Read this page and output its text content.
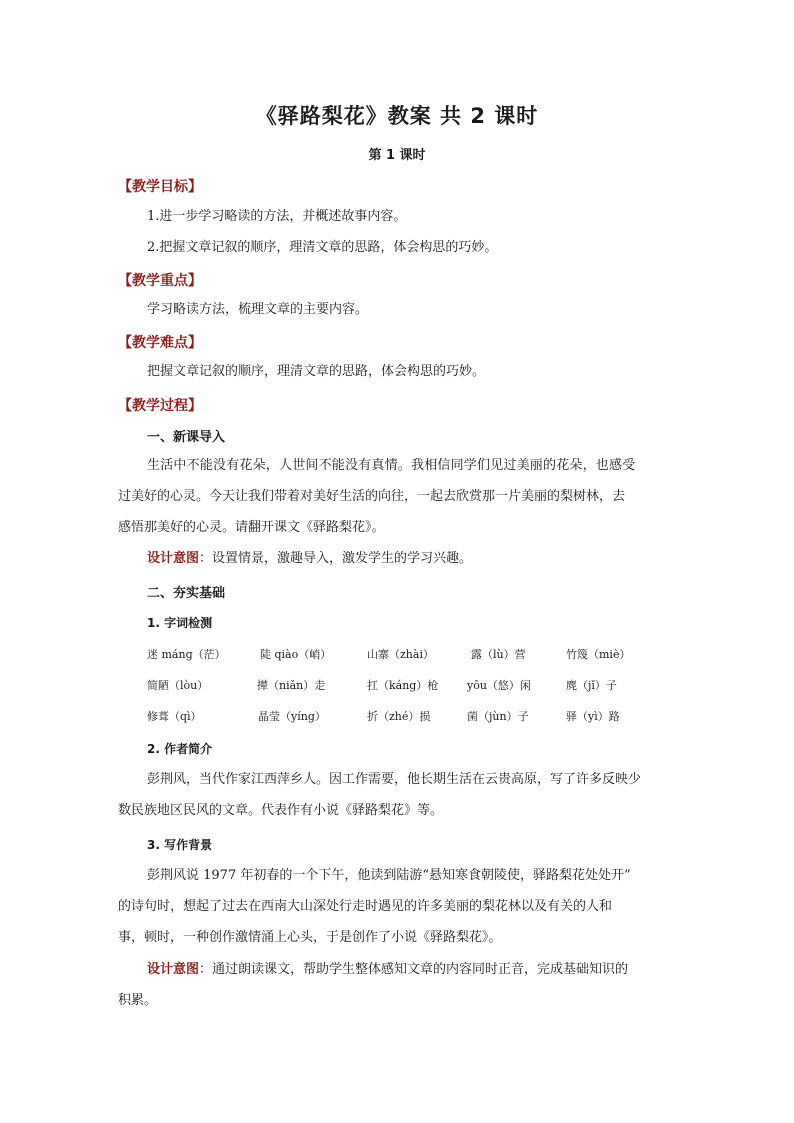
《驿路梨花》教案 共 2 课时
第 1 课时
【教学目标】
1.进一步学习略读的方法，并概述故事内容。
2.把握文章记叙的顺序，理清文章的思路，体会构思的巧妙。
【教学重点】
学习略读方法，梳理文章的主要内容。
【教学难点】
把握文章记叙的顺序，理清文章的思路，体会构思的巧妙。
【教学过程】
一、新课导入
生活中不能没有花朵，人世间不能没有真情。我相信同学们见过美丽的花朵，也感受
过美好的心灵。今天让我们带着对美好生活的向往，一起去欣赏那一片美丽的梨树林，去
感悟那美好的心灵。请翻开课文《驿路梨花》。
设计意图：设置情景，激趣导入，激发学生的学习兴趣。
二、夯实基础
1. 字词检测
迷 máng（茫）	陡 qiào（峭）	山寨（zhài）	露（lù）营	竹篾（miè）
简陋（lòu）	撵（niǎn）走	扛（káng）枪	yōu（悠）闲	麂（jǐ）子
修葺（qì）	晶莹（yíng）	折（zhé）损	菌（jùn）子	驿（yì）路
2. 作者简介
彭荆风，当代作家江西萍乡人。因工作需要，他长期生活在云贵高原，写了许多反映少
数民族地区民风的文章。代表作有小说《驿路梨花》等。
3. 写作背景
彭荆风说 1977 年初春的一个下午，他读到陆游“悬知寒食朝陵使，驿路梨花处处开”
的诗句时，想起了过去在西南大山深处行走时遇见的许多美丽的梨花林以及有关的人和
事，顿时，一种创作激情涌上心头，于是创作了小说《驿路梨花》。
设计意图：通过朗读课文，帮助学生整体感知文章的内容同时正音，完成基础知识的
积累。
